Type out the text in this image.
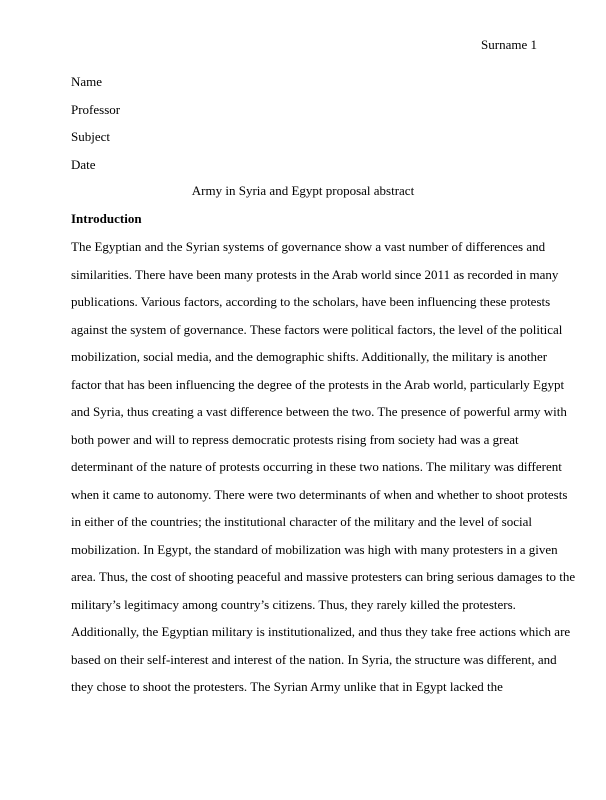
Surname 1
Name
Professor
Subject
Date
Army in Syria and Egypt proposal abstract
Introduction
The Egyptian and the Syrian systems of governance show a vast number of differences and
similarities. There have been many protests in the Arab world since 2011 as recorded in many
publications. Various factors, according to the scholars, have been influencing these protests
against the system of governance. These factors were political factors, the level of the political
mobilization, social media, and the demographic shifts. Additionally, the military is another
factor that has been influencing the degree of the protests in the Arab world, particularly Egypt
and Syria, thus creating a vast difference between the two. The presence of powerful army with
both power and will to repress democratic protests rising from society had was a great
determinant of the nature of protests occurring in these two nations. The military was different
when it came to autonomy. There were two determinants of when and whether to shoot protests
in either of the countries; the institutional character of the military and the level of social
mobilization. In Egypt, the standard of mobilization was high with many protesters in a given
area. Thus, the cost of shooting peaceful and massive protesters can bring serious damages to the
military’s legitimacy among country’s citizens. Thus, they rarely killed the protesters.
Additionally, the Egyptian military is institutionalized, and thus they take free actions which are
based on their self-interest and interest of the nation. In Syria, the structure was different, and
they chose to shoot the protesters. The Syrian Army unlike that in Egypt lacked the
